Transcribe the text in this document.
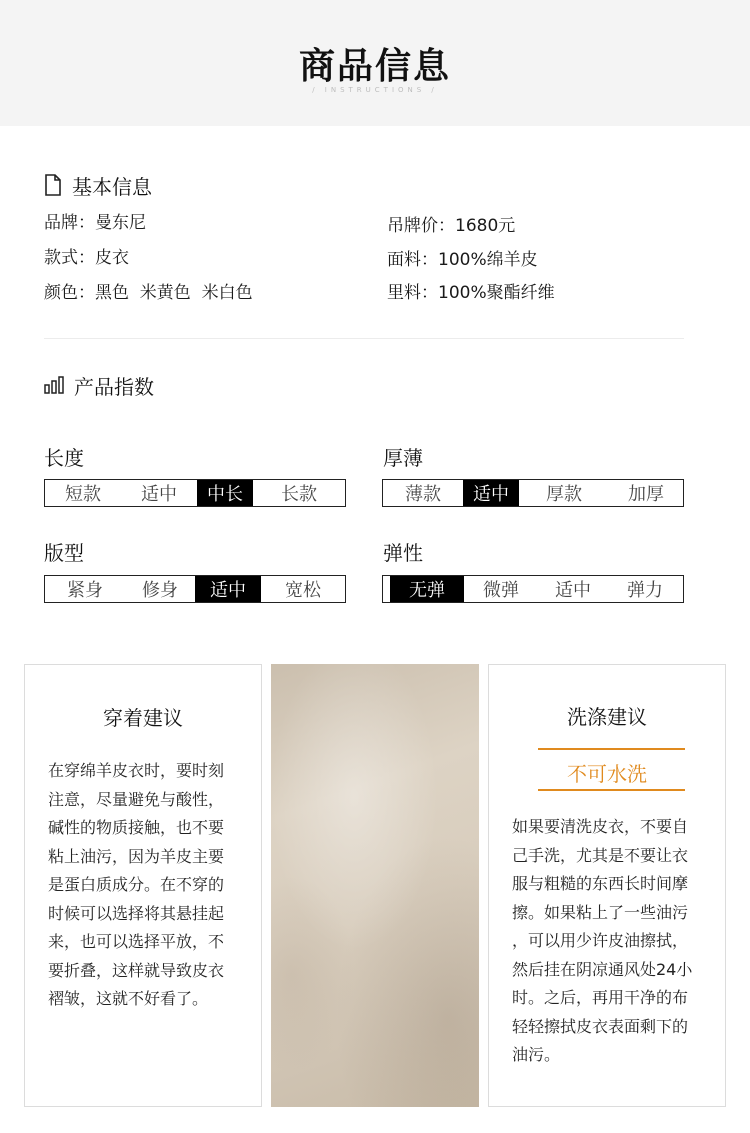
商品信息
/ INSTRUCTIONS /
基本信息
品牌：曼东尼
款式：皮衣
颜色：黑色  米黄色  米白色
吊牌价：1680元
面料：100%绵羊皮
里料：100%聚酯纤维
产品指数
长度
短款	适中	中长	长款
厚薄
薄款	适中	厚款	加厚
版型
紧身	修身	适中	宽松
弹性
无弹	微弹	适中	弹力
穿着建议
在穿绵羊皮衣时，要时刻
注意，尽量避免与酸性，
碱性的物质接触，也不要
粘上油污，因为羊皮主要
是蛋白质成分。在不穿的
时候可以选择将其悬挂起
来，也可以选择平放，不
要折叠，这样就导致皮衣
褶皱，这就不好看了。
洗涤建议
不可水洗
如果要清洗皮衣，不要自
己手洗，尤其是不要让衣
服与粗糙的东西长时间摩
擦。如果粘上了一些油污
，可以用少许皮油擦拭，
然后挂在阴凉通风处24小
时。之后，再用干净的布
轻轻擦拭皮衣表面剩下的
油污。
